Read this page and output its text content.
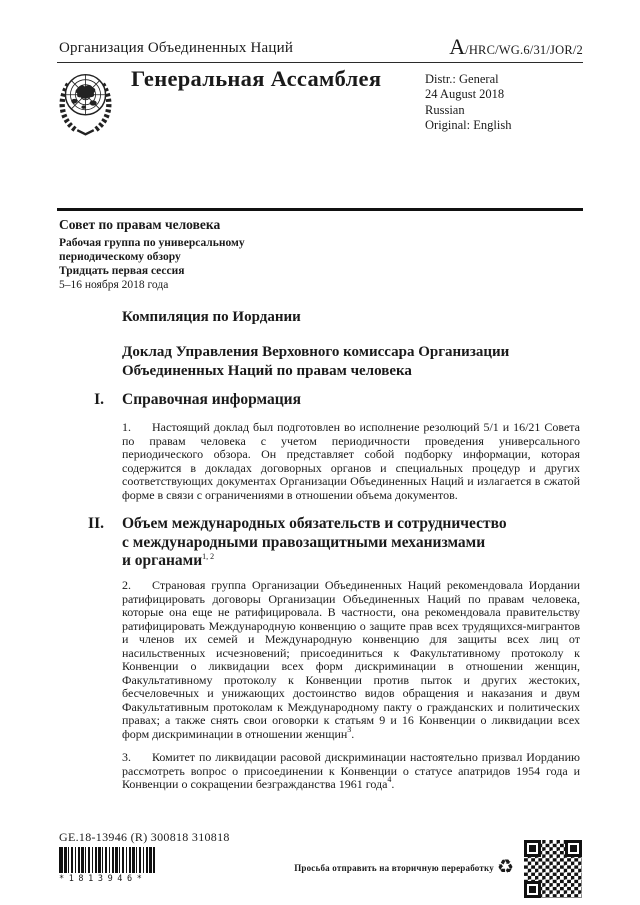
Организация Объединенных Наций	A /HRC/WG.6/31/JOR/2
Генеральная Ассамблея	Distr.: General
24 August 2018
Russian
Original: English
Совет по правам человека
Рабочая группа по универсальному
периодическому обзору
Тридцать первая сессия
5–16 ноября 2018 года
Компиляция по Иордании
Доклад Управления Верховного комиссара Организации
Объединенных Наций по правам человека
I. Справочная информация

1. Настоящий доклад был подготовлен во исполнение резолюций 5/1 и 16/21 Совета по правам человека с учетом периодичности проведения универсального периодического обзора. Он представляет собой подборку информации, которая содержится в докладах договорных органов и специальных процедур и других соответствующих документах Организации Объединенных Наций и излагается в сжатой форме в связи с ограничениями в отношении объема документов.

II. Объем международных обязательств и сотрудничество
с международными правозащитными механизмами
и органами$^{1, 2}$

2. Страновая группа Организации Объединенных Наций рекомендовала Иордании ратифицировать договоры Организации Объединенных Наций по правам человека, которые она еще не ратифицировала. В частности, она рекомендовала правительству ратифицировать Международную конвенцию о защите прав всех трудящихся-мигрантов и членов их семей и Международную конвенцию для защиты всех лиц от насильственных исчезновений; присоединиться к Факультативному протоколу к Конвенции о ликвидации всех форм дискриминации в отношении женщин, Факультативному протоколу к Конвенции против пыток и других жестоких, бесчеловечных и унижающих достоинство видов обращения и наказания и двум Факультативным протоколам к Международному пакту о гражданских и политических правах; а также снять свои оговорки к статьям 9 и 16 Конвенции о ликвидации всех форм дискриминации в отношении женщин$^3$.

3. Комитет по ликвидации расовой дискриминации настоятельно призвал Иорданию рассмотреть вопрос о присоединении к Конвенции о статусе апатридов 1954 года и Конвенции о сокращении безгражданства 1961 года$^4$.

GE.18-13946 (R) 300818 310818
*1813946*
Просьба отправить на вторичную переработку ♻
